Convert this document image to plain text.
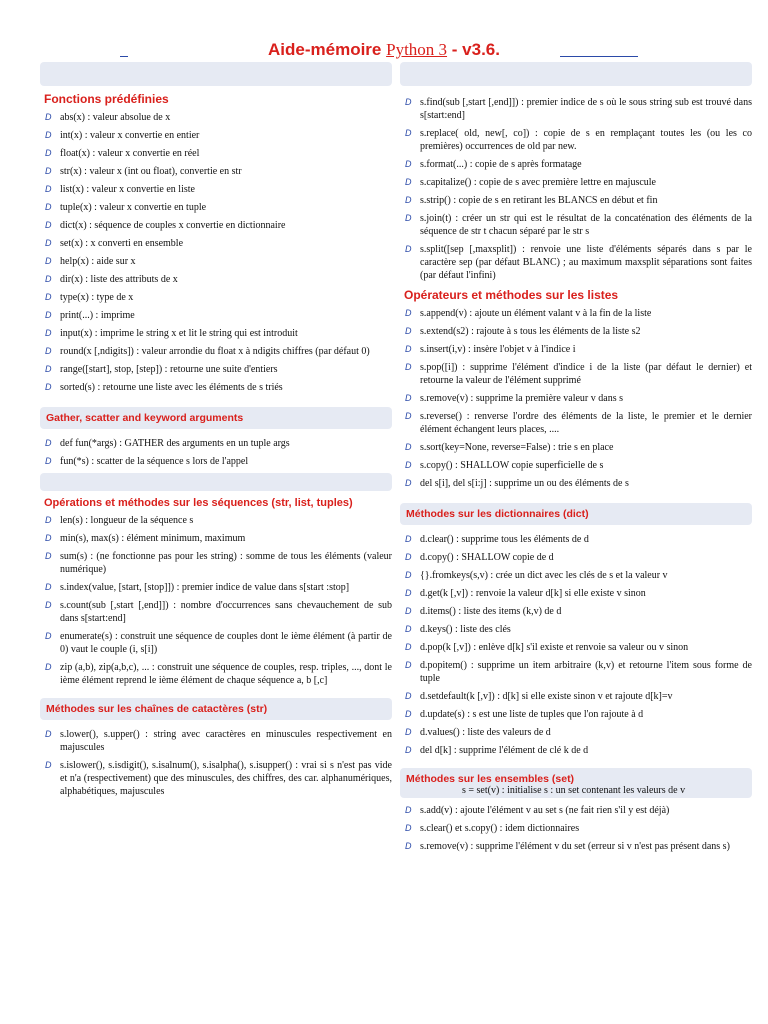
Aide-mémoire Pуthon 3 - v3.6.
Fonctions prédéfinies
D abs(x) : valeur absolue de x
D int(x) : valeur x convertie en entier
D float(x) : valeur x convertie en réel
D str(x) : valeur x (int ou float), convertie en str
D list(x) : valeur x convertie en liste
D tuple(x) : valeur x convertie en tuple
D dict(x) : séquence de couples x convertie en dictionnaire
D set(x) : x converti en ensemble
D help(x) : aide sur x
D dir(x) : liste des attributs de x
D type(x) : type de x
D print(...) : imprime
D input(x) : imprime le string x et lit le string qui est introduit
D round(x [,ndigits]) : valeur arrondie du float x à ndigits chiffres (par défaut 0)
D range([start], stop, [step]) : retourne une suite d'entiers
D sorted(s) : retourne une liste avec les éléments de s triés
Gather, scatter and keyword arguments
D def fun(*args) : GATHER des arguments en un tuple args
D fun(*s) : scatter de la séquence s lors de l'appel
Opérations et méthodes sur les séquences (str, list, tuples)
D len(s) : longueur de la séquence s
D min(s), max(s) : élément minimum, maximum
D sum(s) : (ne fonctionne pas pour les string) : somme de tous les éléments (valeur numérique)
D s.index(value, [start, [stop]]) : premier indice de value dans s[start :stop]
D s.count(sub [,start [,end]]) : nombre d'occurrences sans chevauchement de sub dans s[start:end]
D enumerate(s) : construit une séquence de couples dont le ième élément (à partir de 0) vaut le couple (i, s[i])
D zip (a,b), zip(a,b,c), ... : construit une séquence de couples, resp. triples, ..., dont le ième élément reprend le ième élément de chaque séquence a, b [,c]
Méthodes sur les chaînes de catactères (str)
D s.lower(), s.upper() : string avec caractères en minuscules respectivement en majuscules
D s.islower(), s.isdigit(), s.isalnum(), s.isalpha(), s.isupper() : vrai si s n'est pas vide et n'a (respectivement) que des minuscules, des chiffres, des car. alphanumériques, alphabétiques, majuscules
D s.find(sub [,start [,end]]) : premier indice de s où le sous string sub est trouvé dans s[start:end]
D s.replace( old, new[, co]) : copie de s en remplaçant toutes les (ou les co premières) occurrences de old par new.
D s.format(...) : copie de s après formatage
D s.capitalize() : copie de s avec première lettre en majuscule
D s.strip() : copie de s en retirant les BLANCS en début et fin
D s.join(t) : créer un str qui est le résultat de la concaténation des éléments de la séquence de str t chacun séparé par le str s
D s.split([sep [,maxsplit]) : renvoie une liste d'éléments séparés dans s par le caractère sep (par défaut BLANC) ; au maximum maxsplit séparations sont faites (par défaut l'infini)
Opérateurs et méthodes sur les listes
D s.append(v) : ajoute un élément valant v à la fin de la liste
D s.extend(s2) : rajoute à s tous les éléments de la liste s2
D s.insert(i,v) : insère l'objet v à l'indice i
D s.pop([i]) : supprime l'élément d'indice i de la liste (par défaut le dernier) et retourne la valeur de l'élément supprimé
D s.remove(v) : supprime la première valeur v dans s
D s.reverse() : renverse l'ordre des éléments de la liste, le premier et le dernier élément échangent leurs places, ....
D s.sort(key=None, reverse=False) : trie s en place
D s.copy() : SHALLOW copie superficielle de s
D del s[i], del s[i:j] : supprime un ou des éléments de s
Méthodes sur les dictionnaires (dict)
D d.clear() : supprime tous les éléments de d
D d.copy() : SHALLOW copie de d
D {}.fromkeys(s,v) : crée un dict avec les clés de s et la valeur v
D d.get(k [,v]) : renvoie la valeur d[k] si elle existe v sinon
D d.items() : liste des items (k,v) de d
D d.keys() : liste des clés
D d.pop(k [,v]) : enlève d[k] s'il existe et renvoie sa valeur ou v sinon
D d.popitem() : supprime un item arbitraire (k,v) et retourne l'item sous forme de tuple
D d.setdefault(k [,v]) : d[k] si elle existe sinon v et rajoute d[k]=v
D d.update(s) : s est une liste de tuples que l'on rajoute à d
D d.values() : liste des valeurs de d
D del d[k] : supprime l'élément de clé k de d
Méthodes sur les ensembles (set)
s = set(v) : initialise s : un set contenant les valeurs de v
D s.add(v) : ajoute l'élément v au set s (ne fait rien s'il y est déjà)
D s.clear() et s.copy() : idem dictionnaires
D s.remove(v) : supprime l'élément v du set (erreur si v n'est pas présent dans s)
